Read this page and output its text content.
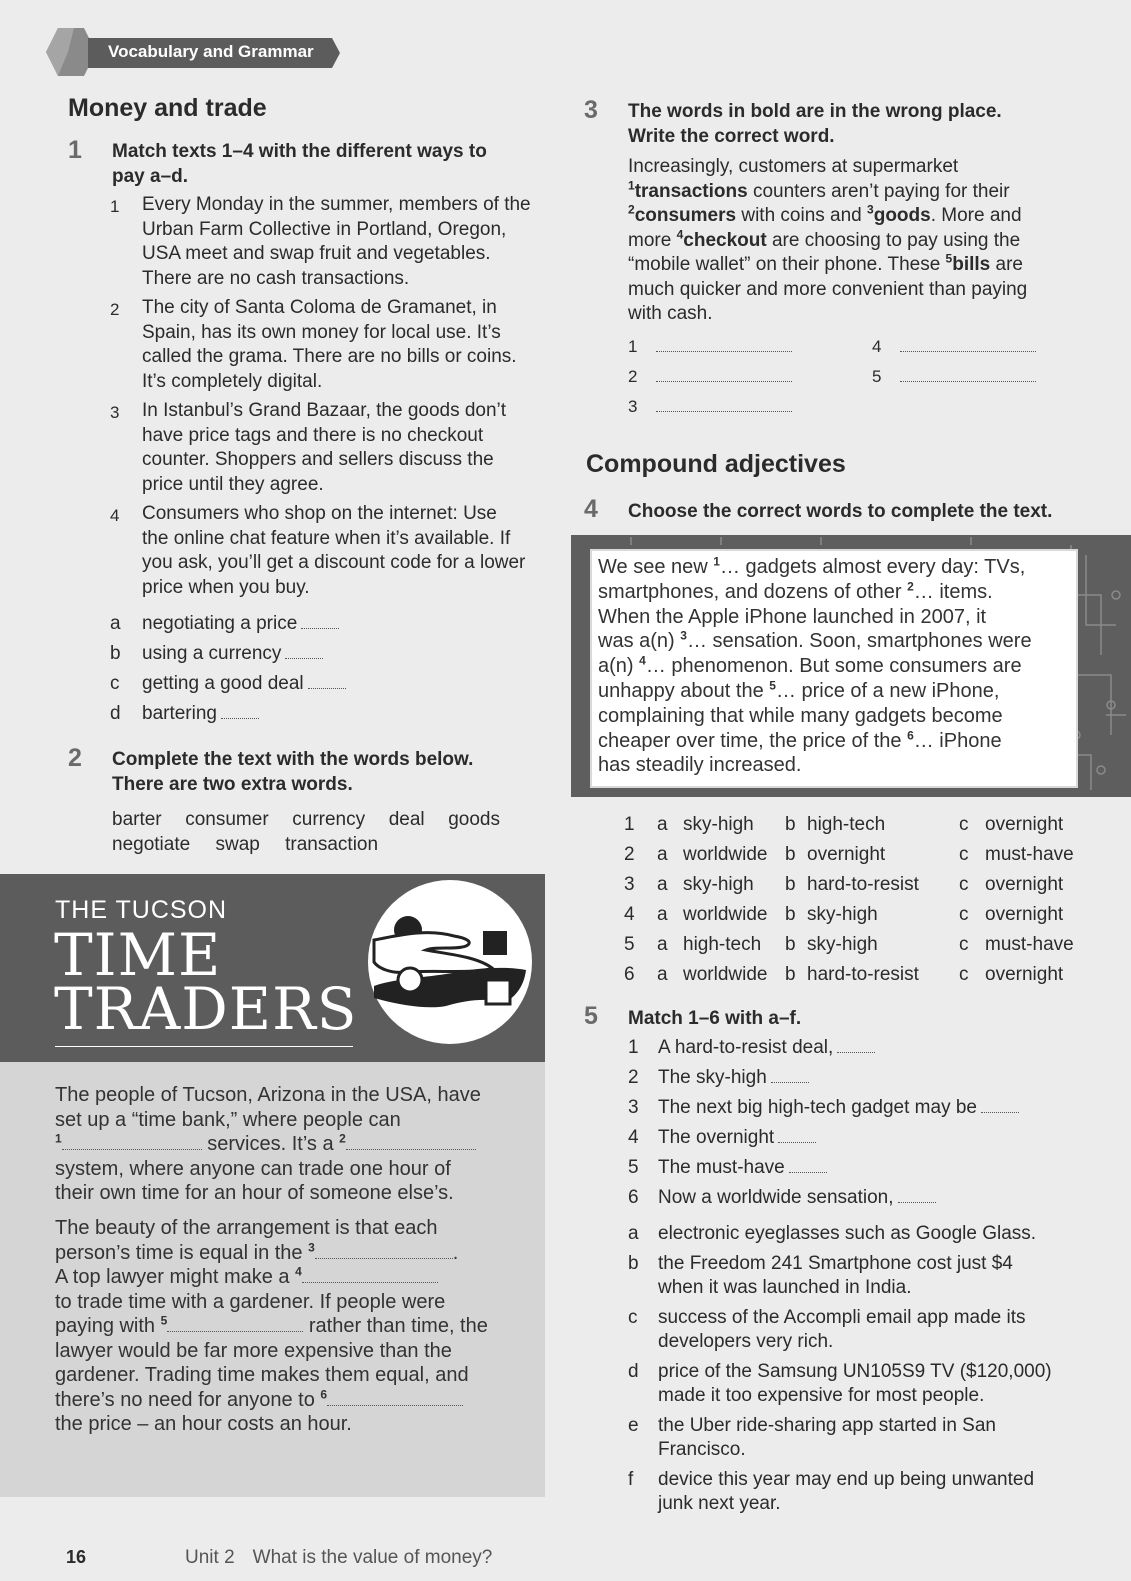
Vocabulary and Grammar
Money and trade
1 Match texts 1–4 with the different ways to pay a–d.
1	Every Monday in the summer, members of the
Urban Farm Collective in Portland, Oregon,
USA meet and swap fruit and vegetables.
There are no cash transactions.
2	The city of Santa Coloma de Gramanet, in
Spain, has its own money for local use. It’s
called the grama. There are no bills or coins.
It’s completely digital.
3	In Istanbul’s Grand Bazaar, the goods don’t
have price tags and there is no checkout
counter. Shoppers and sellers discuss the
price until they agree.
4	Consumers who shop on the internet: Use
the online chat feature when it’s available. If
you ask, you’ll get a discount code for a lower
price when you buy.
a negotiating a price
b using a currency
c getting a good deal
d bartering
2 Complete the text with the words below.
There are two extra words.
barter consumer currency deal goods
negotiate swap transaction
THE TUCSON
TIME
TRADERS
The people of Tucson, Arizona in the USA, have
set up a “time bank,” where people can
$^1$	services. It’s a $^2$
system, where anyone can trade one hour of
their own time for an hour of someone else’s.
The beauty of the arrangement is that each
person’s time is equal in the $^3$	.
A top lawyer might make a $^4$
to trade time with a gardener. If people were
paying with $^5$	rather than time, the
lawyer would be far more expensive than the
gardener. Trading time makes them equal, and
there’s no need for anyone to $^6$
the price – an hour costs an hour.
3 The words in bold are in the wrong place.
Write the correct word.
Increasingly, customers at supermarket
$^1$transactions counters aren’t paying for their
$^2$consumers with coins and $^3$goods. More and
more $^4$checkout are choosing to pay using the
“mobile wallet” on their phone. These $^5$bills are
much quicker and more convenient than paying
with cash.
1
2
3
4
5
Compound adjectives
4 Choose the correct words to complete the text.
We see new $^1$… gadgets almost every day: TVs,
smartphones, and dozens of other $^2$… items.
When the Apple iPhone launched in 2007, it
was a(n) $^3$… sensation. Soon, smartphones were
a(n) $^4$… phenomenon. But some consumers are
unhappy about the $^5$… price of a new iPhone,
complaining that while many gadgets become
cheaper over time, the price of the $^6$… iPhone
has steadily increased.
1	a	sky-high	b	high-tech	c	overnight
2	a	worldwide	b	overnight	c	must-have
3	a	sky-high	b	hard-to-resist	c	overnight
4	a	worldwide	b	sky-high	c	overnight
5	a	high-tech	b	sky-high	c	must-have
6	a	worldwide	b	hard-to-resist	c	overnight
5 Match 1–6 with a–f.
1 A hard-to-resist deal,
2 The sky-high
3 The next big high-tech gadget may be
4 The overnight
5 The must-have
6 Now a worldwide sensation,
a	electronic eyeglasses such as Google Glass.
b	the Freedom 241 Smartphone cost just $4
when it was launched in India.
c	success of the Accompli email app made its
developers very rich.
d	price of the Samsung UN105S9 TV ($120,000)
made it too expensive for most people.
e	the Uber ride-sharing app started in San
Francisco.
f	device this year may end up being unwanted
junk next year.
16	Unit 2 What is the value of money?
